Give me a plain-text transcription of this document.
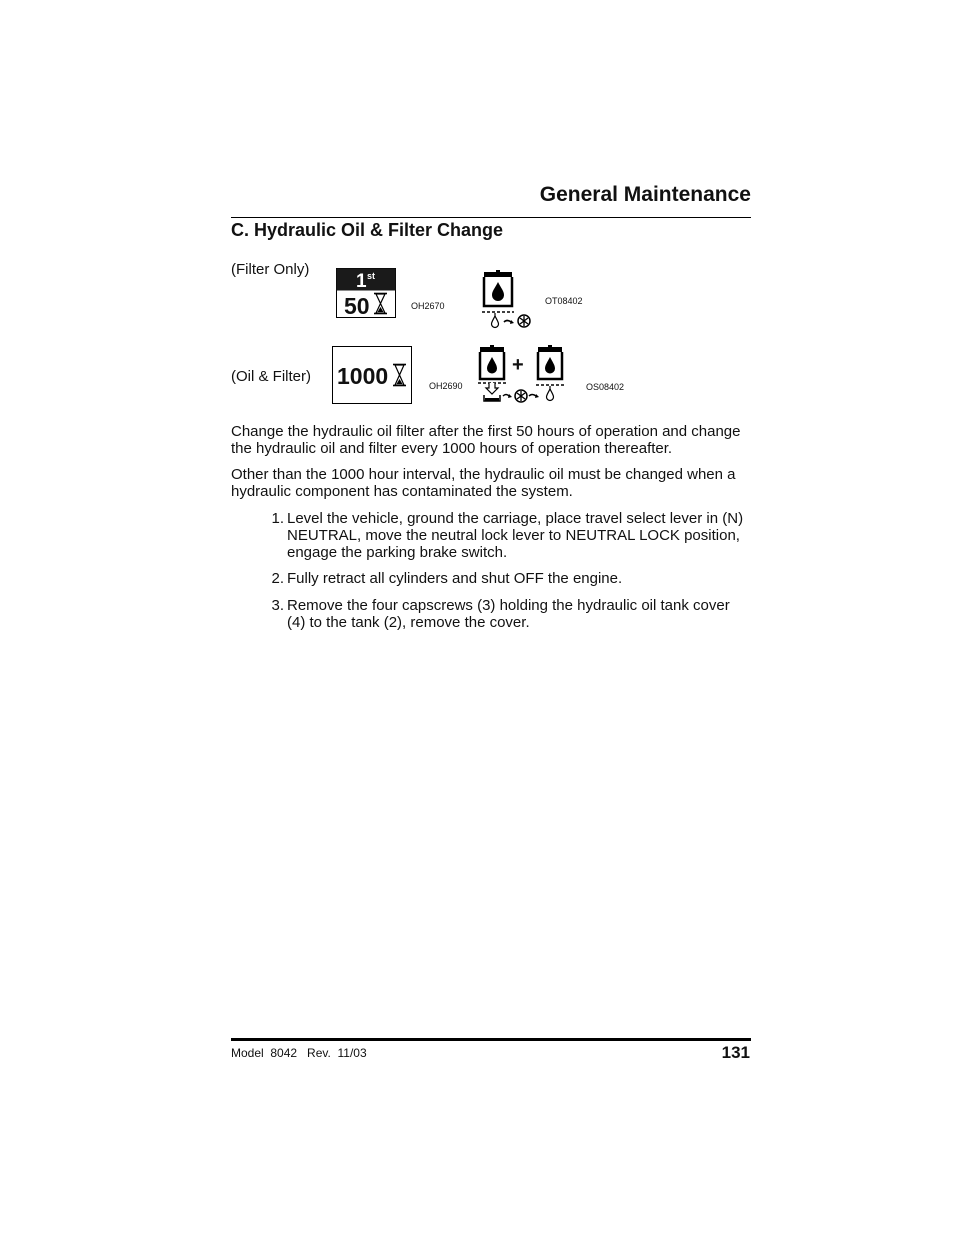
General Maintenance
C. Hydraulic Oil & Filter Change
(Filter Only)
1 st
50	OH2670	OT08402
(Oil & Filter) 1000	OH2690
+
OS08402
Change the hydraulic oil filter after the first 50 hours of operation and change the hydraulic oil and filter every 1000 hours of operation thereafter.
Other than the 1000 hour interval, the hydraulic oil must be changed when a hydraulic component has contaminated the system.
1. Level the vehicle, ground the carriage, place travel select lever in (N) NEUTRAL, move the neutral lock lever to NEUTRAL LOCK position, engage the parking brake switch.
2. Fully retract all cylinders and shut OFF the engine.
3. Remove the four capscrews (3) holding the hydraulic oil tank cover (4) to the tank (2), remove the cover.
Model  8042   Rev.  11/03	131
